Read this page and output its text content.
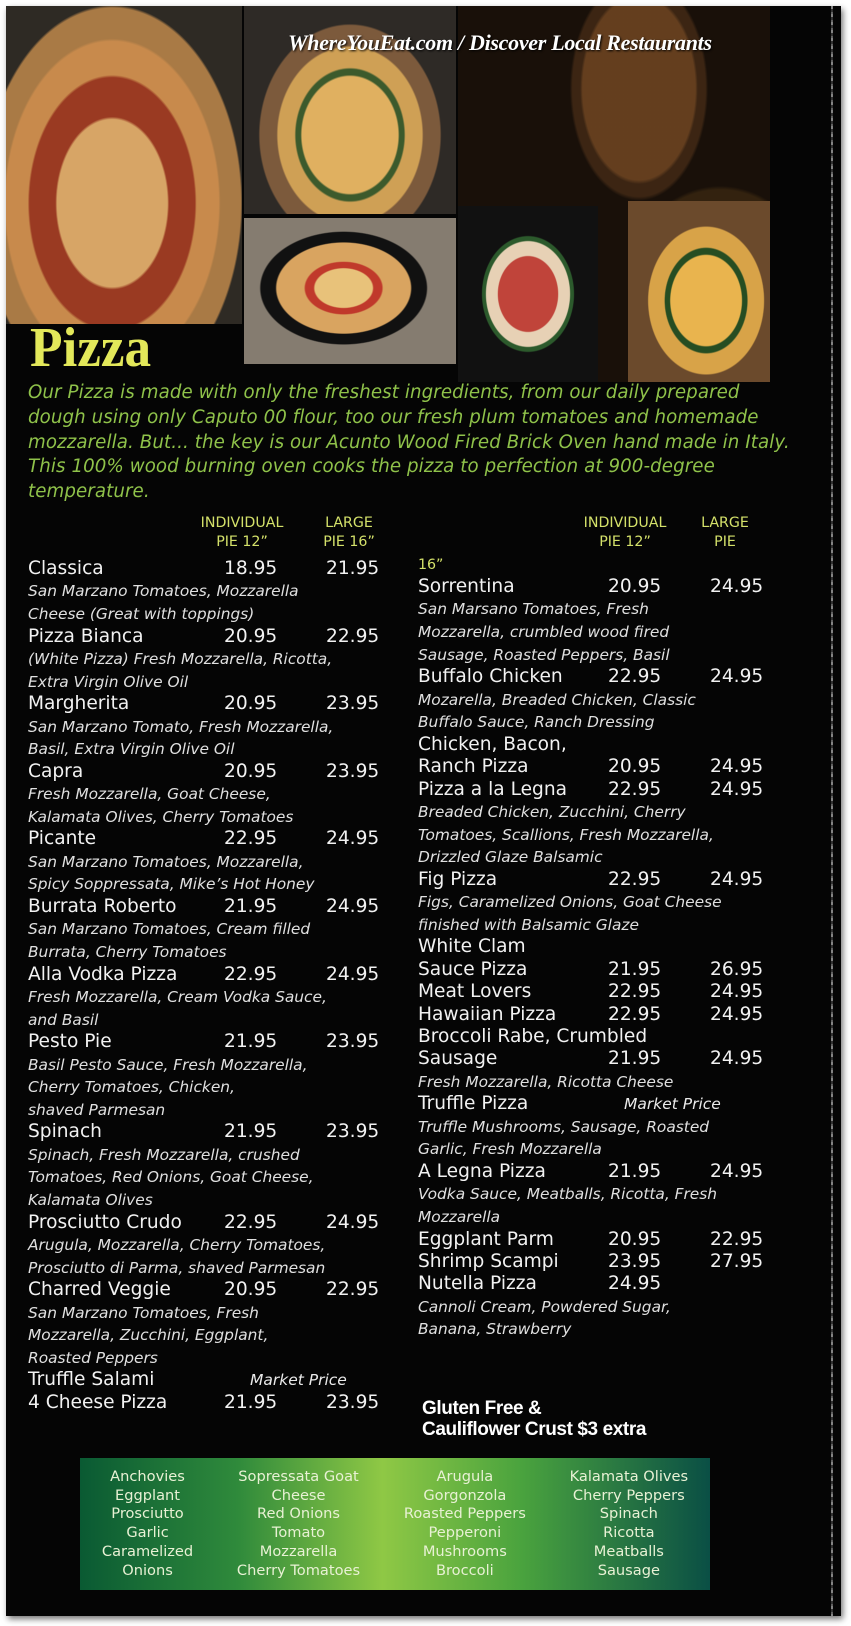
WhereYouEat.com / Discover Local Restaurants
Pizza
Our Pizza is made with only the freshest ingredients, from our daily prepared dough using only Caputo 00 flour, too our fresh plum tomatoes and homemade mozzarella. But... the key is our Acunto Wood Fired Brick Oven hand made in Italy. This 100% wood burning oven cooks the pizza to perfection at 900-degree temperature.
INDIVIDUAL
PIE 12”
LARGE
PIE 16”
Classica	18.95	21.95
San Marzano Tomatoes, Mozzarella
Cheese (Great with toppings)
Pizza Bianca	20.95	22.95
(White Pizza) Fresh Mozzarella, Ricotta,
Extra Virgin Olive Oil
Margherita	20.95	23.95
San Marzano Tomato, Fresh Mozzarella,
Basil, Extra Virgin Olive Oil
Capra	20.95	23.95
Fresh Mozzarella, Goat Cheese,
Kalamata Olives, Cherry Tomatoes
Picante	22.95	24.95
San Marzano Tomatoes, Mozzarella,
Spicy Soppressata, Mike’s Hot Honey
Burrata Roberto	21.95	24.95
San Marzano Tomatoes, Cream filled
Burrata, Cherry Tomatoes
Alla Vodka Pizza	22.95	24.95
Fresh Mozzarella, Cream Vodka Sauce,
and Basil
Pesto Pie	21.95	23.95
Basil Pesto Sauce, Fresh Mozzarella,
Cherry Tomatoes, Chicken,
shaved Parmesan
Spinach	21.95	23.95
Spinach, Fresh Mozzarella, crushed
Tomatoes, Red Onions, Goat Cheese,
Kalamata Olives
Prosciutto Crudo	22.95	24.95
Arugula, Mozzarella, Cherry Tomatoes,
Prosciutto di Parma, shaved Parmesan
Charred Veggie	20.95	22.95
San Marzano Tomatoes, Fresh
Mozzarella, Zucchini, Eggplant,
Roasted Peppers
Truffle Salami	Market Price
4 Cheese Pizza	21.95	23.95
INDIVIDUAL
PIE 12”
LARGE
PIE
16”
Sorrentina	20.95	24.95
San Marsano Tomatoes, Fresh
Mozzarella, crumbled wood fired
Sausage, Roasted Peppers, Basil
Buffalo Chicken	22.95	24.95
Mozarella, Breaded Chicken, Classic
Buffalo Sauce, Ranch Dressing
Chicken, Bacon,
Ranch Pizza	20.95	24.95
Pizza a la Legna	22.95	24.95
Breaded Chicken, Zucchini, Cherry
Tomatoes, Scallions, Fresh Mozzarella,
Drizzled Glaze Balsamic
Fig Pizza	22.95	24.95
Figs, Caramelized Onions, Goat Cheese
finished with Balsamic Glaze
White Clam
Sauce Pizza	21.95	26.95
Meat Lovers	22.95	24.95
Hawaiian Pizza	22.95	24.95
Broccoli Rabe, Crumbled
Sausage	21.95	24.95
Fresh Mozzarella, Ricotta Cheese
Truffle Pizza	Market Price
Truffle Mushrooms, Sausage, Roasted
Garlic, Fresh Mozzarella
A Legna Pizza	21.95	24.95
Vodka Sauce, Meatballs, Ricotta, Fresh
Mozzarella
Eggplant Parm	20.95	22.95
Shrimp Scampi	23.95	27.95
Nutella Pizza	24.95
Cannoli Cream, Powdered Sugar,
Banana, Strawberry
Gluten Free &
Cauliflower Crust $3 extra
Anchovies
Eggplant
Prosciutto
Garlic
Caramelized
Onions
Sopressata Goat
Cheese
Red Onions
Tomato
Mozzarella
Cherry Tomatoes
Arugula
Gorgonzola
Roasted Peppers
Pepperoni
Mushrooms
Broccoli
Kalamata Olives
Cherry Peppers
Spinach
Ricotta
Meatballs
Sausage
